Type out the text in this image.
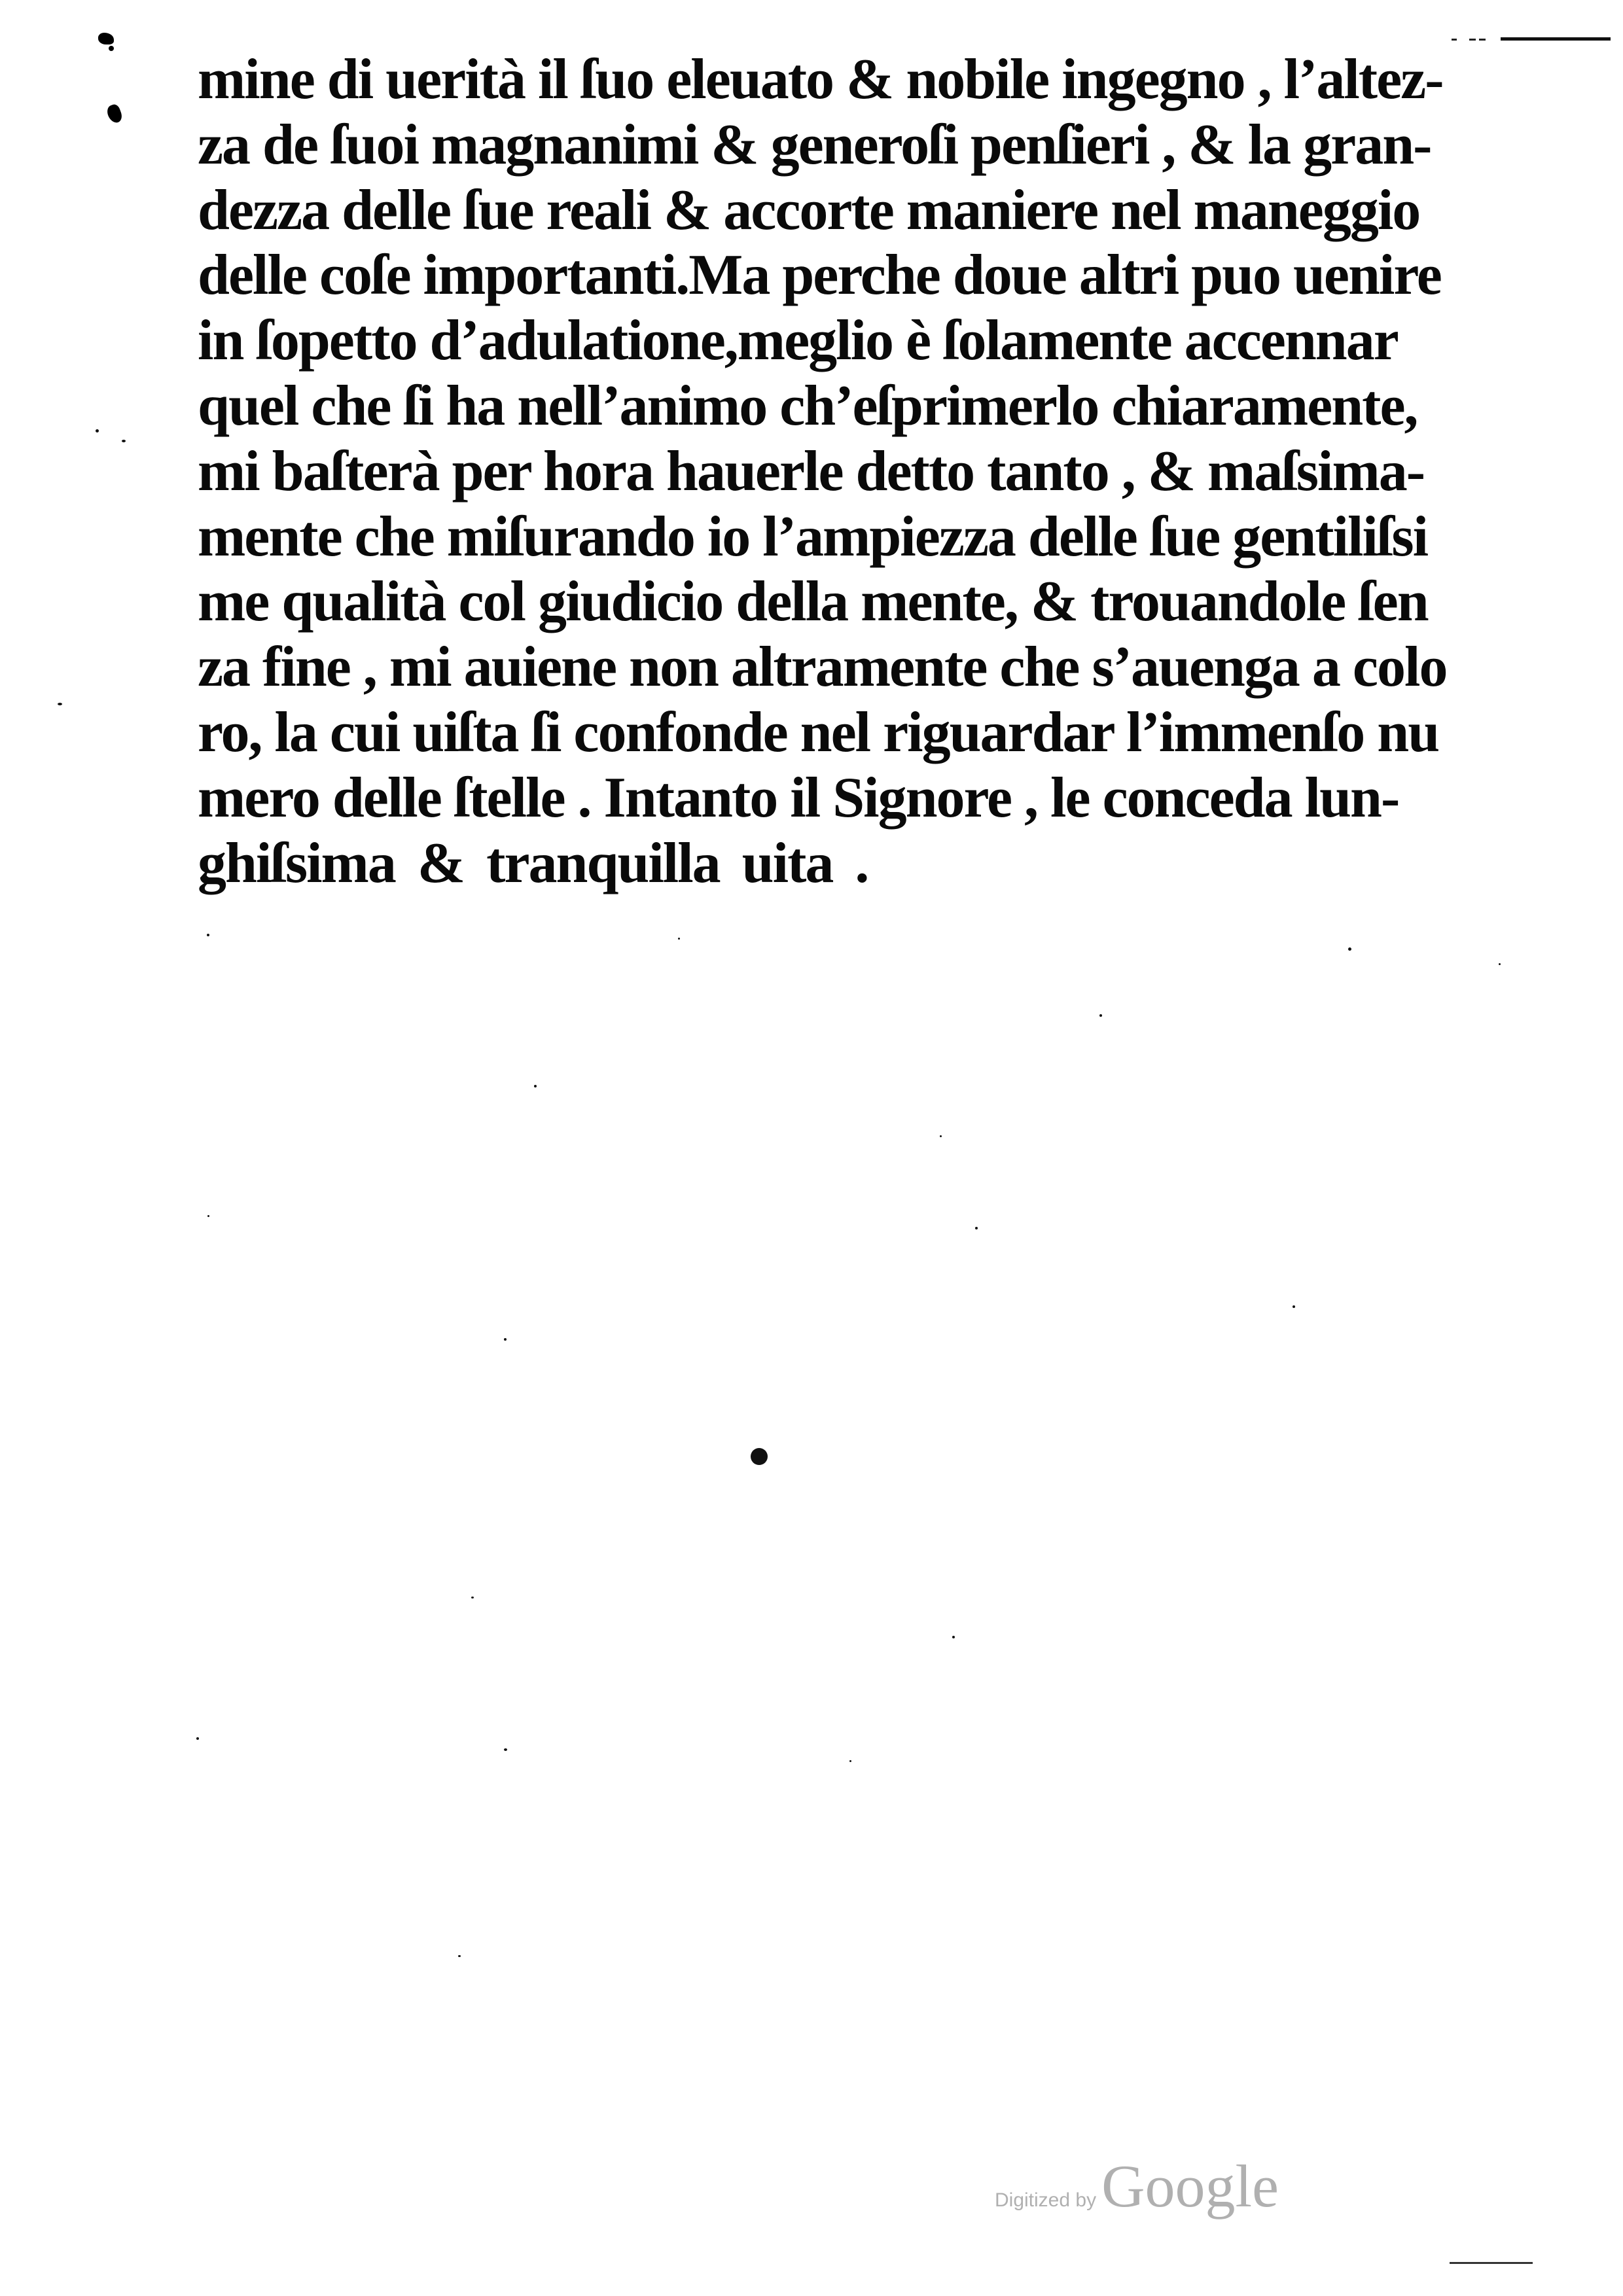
mine di uerità il ſuo eleuato & nobile ingegno , l’altez-
za de ſuoi magnanimi & generoſi penſieri , & la gran-
dezza delle ſue reali & accorte maniere nel maneggio
delle coſe importanti.Ma perche doue altri puo uenire
in ſopetto d’adulatione,meglio è ſolamente accennar
quel che ſi ha nell’animo ch’eſprimerlo chiaramente,
mi baſterà per hora hauerle detto tanto , & maſsima-
mente che miſurando io l’ampiezza delle ſue gentiliſsi
me qualità col giudicio della mente, & trouandole ſen
za fine , mi auiene non altramente che s’auenga a colo
ro, la cui uiſta ſi confonde nel riguardar l’immenſo nu
mero delle ſtelle . Intanto il Signore , le conceda lun-
ghiſsima & tranquilla uita .
Digitized byGoogle
